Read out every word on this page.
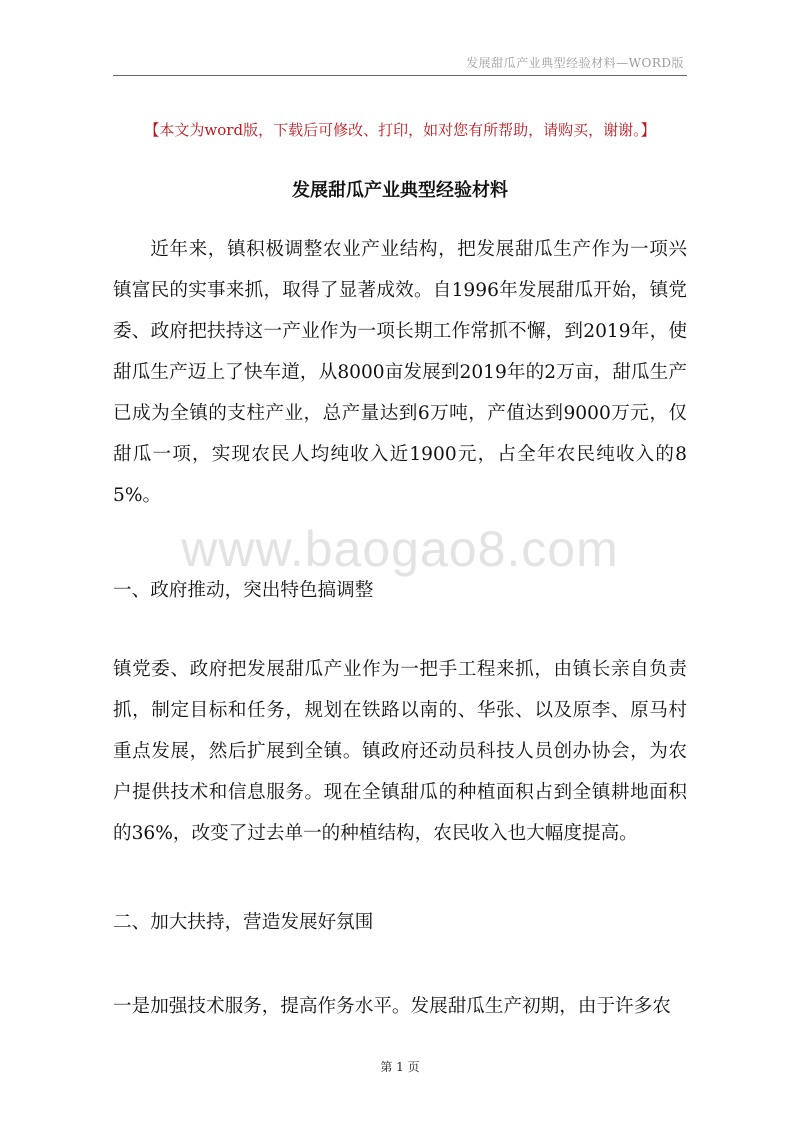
发展甜瓜产业典型经验材料—WORD版
【本文为word版，下载后可修改、打印，如对您有所帮助，请购买，谢谢。】
发展甜瓜产业典型经验材料

近年来，镇积极调整农业产业结构，把发展甜瓜生产作为一项兴镇富民的实事来抓，取得了显著成效。自1996年发展甜瓜开始，镇党委、政府把扶持这一产业作为一项长期工作常抓不懈，到2019年，使甜瓜生产迈上了快车道，从8000亩发展到2019年的2万亩，甜瓜生产已成为全镇的支柱产业，总产量达到6万吨，产值达到9000万元，仅甜瓜一项，实现农民人均纯收入近1900元，占全年农民纯收入的85%。

www.baogao8.com

一、政府推动，突出特色搞调整

镇党委、政府把发展甜瓜产业作为一把手工程来抓，由镇长亲自负责抓，制定目标和任务，规划在铁路以南的、华张、以及原李、原马村重点发展，然后扩展到全镇。镇政府还动员科技人员创办协会，为农户提供技术和信息服务。现在全镇甜瓜的种植面积占到全镇耕地面积的36%，改变了过去单一的种植结构，农民收入也大幅度提高。

二、加大扶持，营造发展好氛围

一是加强技术服务，提高作务水平。发展甜瓜生产初期，由于许多农

第 1 页
